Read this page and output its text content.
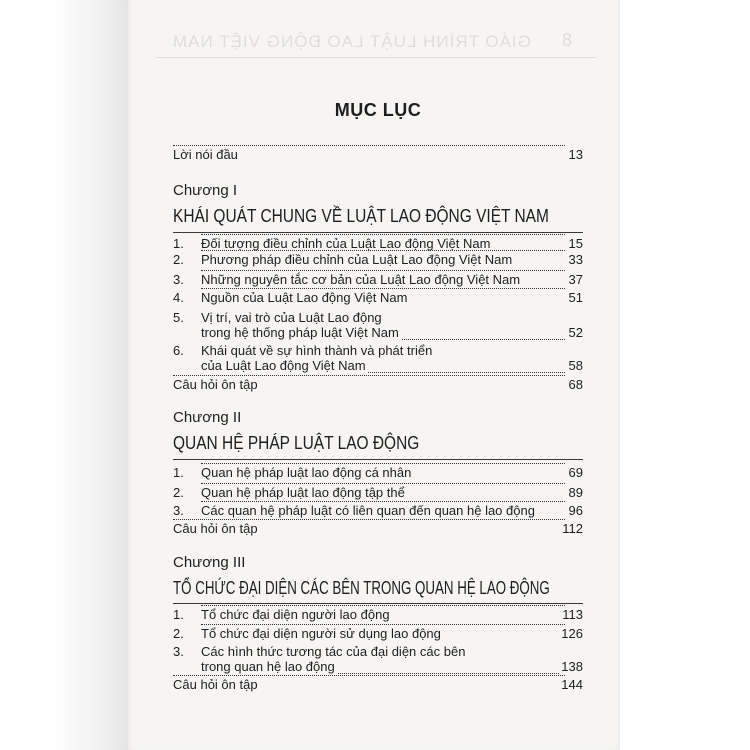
GIÁO TRÌNH LUẬT LAO ĐỘNG VIỆT NAM 8
MỤC LỤC
Lời nói đầu	13
Chương I
KHÁI QUÁT CHUNG VỀ LUẬT LAO ĐỘNG VIỆT NAM
1. Đối tượng điều chỉnh của Luật Lao động Việt Nam	15
2. Phương pháp điều chỉnh của Luật Lao động Việt Nam	33
3. Những nguyên tắc cơ bản của Luật Lao động Việt Nam	37
4. Nguồn của Luật Lao động Việt Nam	51
5. Vị trí, vai trò của Luật Lao động
trong hệ thống pháp luật Việt Nam	52
6. Khái quát về sự hình thành và phát triển
của Luật Lao động Việt Nam	58
Câu hỏi ôn tập	68
Chương II
QUAN HỆ PHÁP LUẬT LAO ĐỘNG
1. Quan hệ pháp luật lao động cá nhân	69
2. Quan hệ pháp luật lao động tập thể	89
3. Các quan hệ pháp luật có liên quan đến quan hệ lao động	96
Câu hỏi ôn tập	112
Chương III
TỔ CHỨC ĐẠI DIỆN CÁC BÊN TRONG QUAN HỆ LAO ĐỘNG
1. Tổ chức đại diện người lao động	113
2. Tổ chức đại diện người sử dụng lao động	126
3. Các hình thức tương tác của đại diện các bên
trong quan hệ lao động	138
Câu hỏi ôn tập	144
